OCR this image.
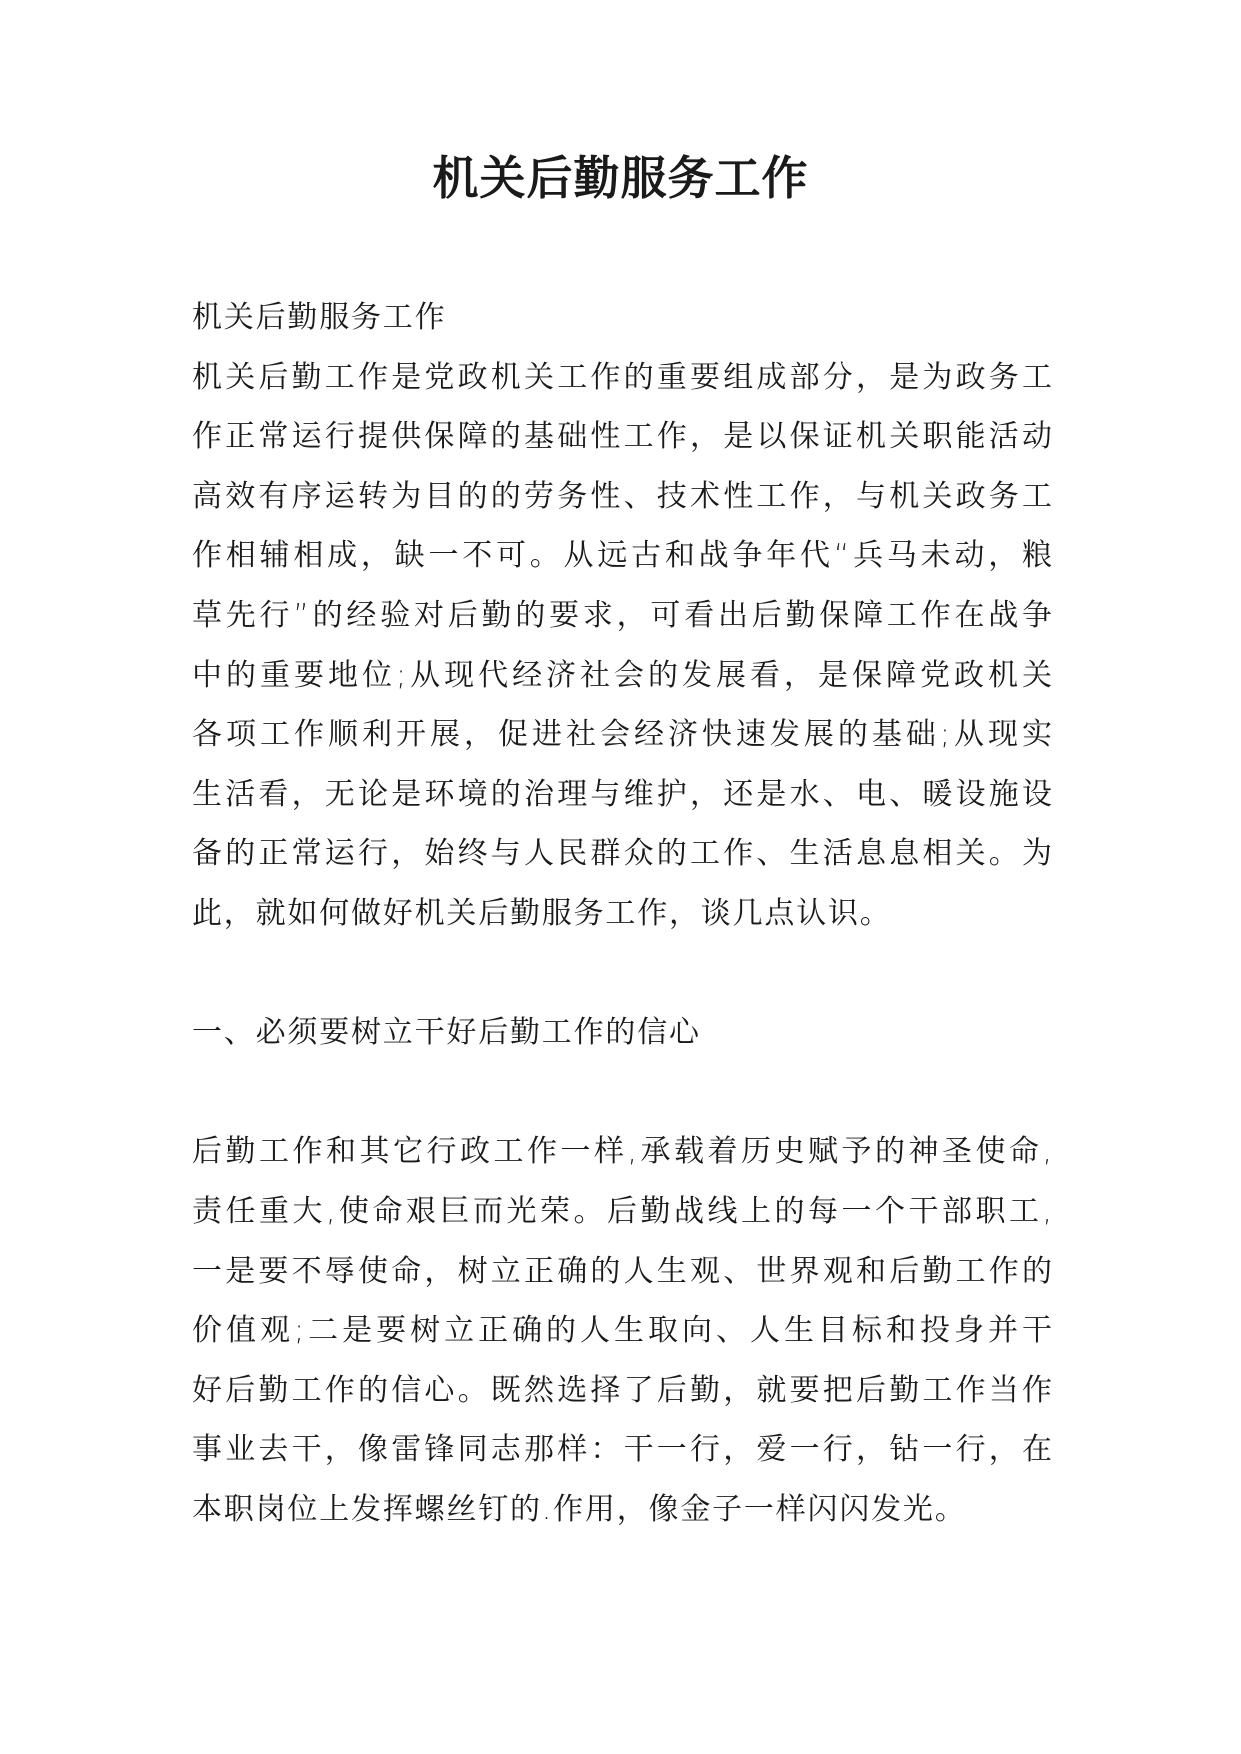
机关后勤服务工作
机关后勤服务工作
机关后勤工作是党政机关工作的重要组成部分，是为政务工
作正常运行提供保障的基础性工作，是以保证机关职能活动
高效有序运转为目的的劳务性、技术性工作，与机关政务工
作相辅相成，缺一不可。从远古和战争年代“兵马未动，粮
草先行”的经验对后勤的要求，可看出后勤保障工作在战争
中的重要地位;从现代经济社会的发展看，是保障党政机关
各项工作顺利开展，促进社会经济快速发展的基础;从现实
生活看，无论是环境的治理与维护，还是水、电、暖设施设
备的正常运行，始终与人民群众的工作、生活息息相关。为
此，就如何做好机关后勤服务工作，谈几点认识。
一、必须要树立干好后勤工作的信心
后勤工作和其它行政工作一样,承载着历史赋予的神圣使命,
责任重大,使命艰巨而光荣。后勤战线上的每一个干部职工,
一是要不辱使命，树立正确的人生观、世界观和后勤工作的
价值观;二是要树立正确的人生取向、人生目标和投身并干
好后勤工作的信心。既然选择了后勤，就要把后勤工作当作
事业去干，像雷锋同志那样：干一行，爱一行，钻一行，在
本职岗位上发挥螺丝钉的.作用，像金子一样闪闪发光。
